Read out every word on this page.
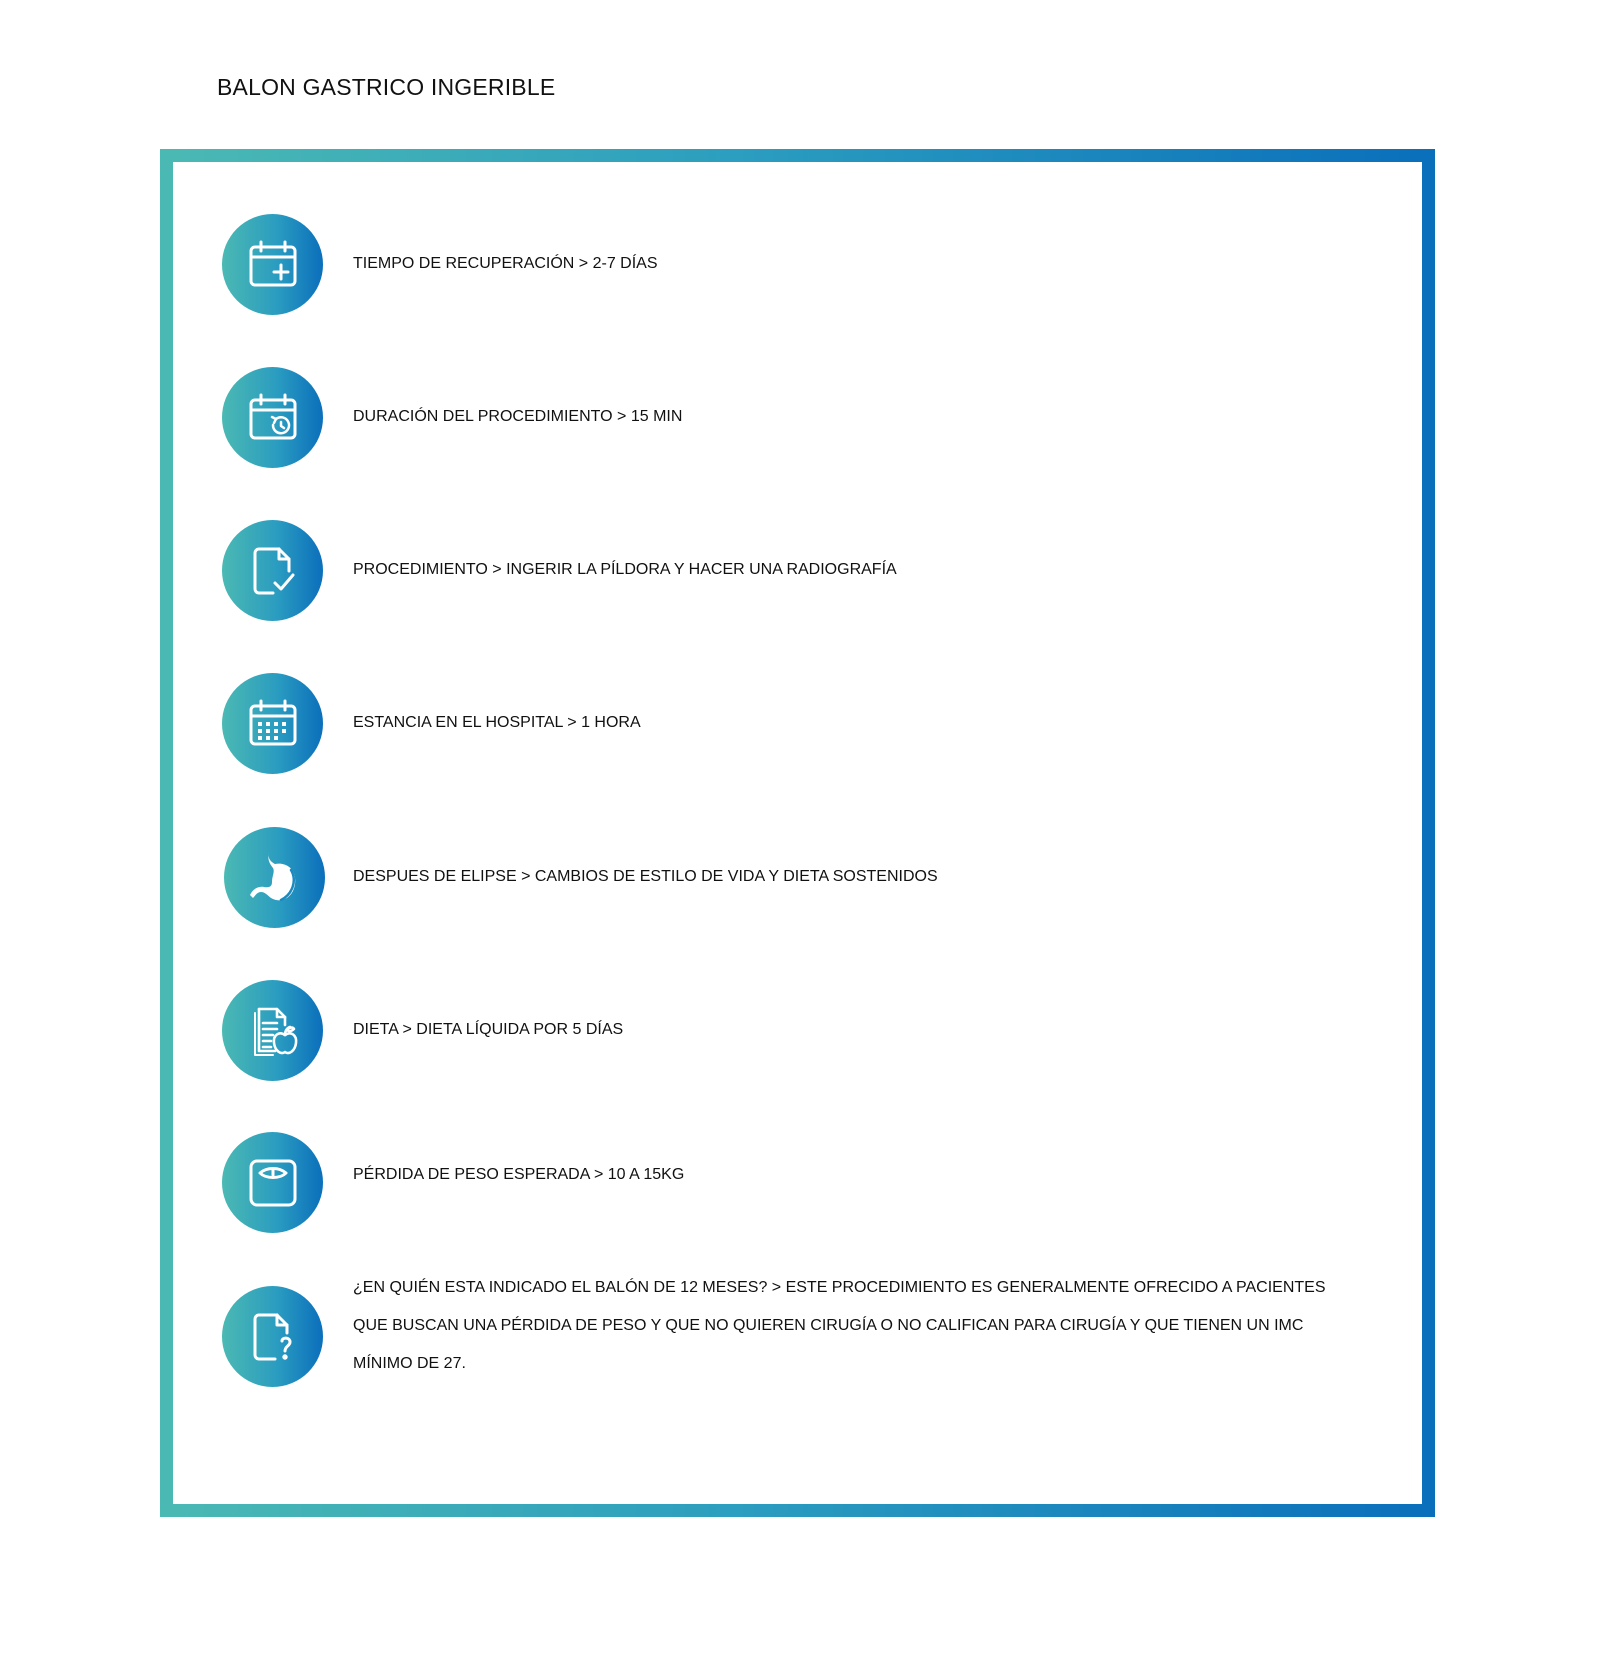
BALON GASTRICO INGERIBLE
TIEMPO DE RECUPERACIÓN > 2-7 DÍAS
DURACIÓN DEL PROCEDIMIENTO > 15 MIN
PROCEDIMIENTO > INGERIR LA PÍLDORA Y HACER UNA RADIOGRAFÍA
ESTANCIA EN EL HOSPITAL > 1 HORA
DESPUES DE ELIPSE > CAMBIOS DE ESTILO DE VIDA Y DIETA SOSTENIDOS
DIETA > DIETA LÍQUIDA POR 5 DÍAS
PÉRDIDA DE PESO ESPERADA > 10 A 15KG
¿EN QUIÉN ESTA INDICADO EL BALÓN DE 12 MESES? > ESTE PROCEDIMIENTO ES GENERALMENTE OFRECIDO A PACIENTES QUE BUSCAN UNA PÉRDIDA DE PESO Y QUE NO QUIEREN CIRUGÍA O NO CALIFICAN PARA CIRUGÍA Y QUE TIENEN UN IMC MÍNIMO DE 27.
